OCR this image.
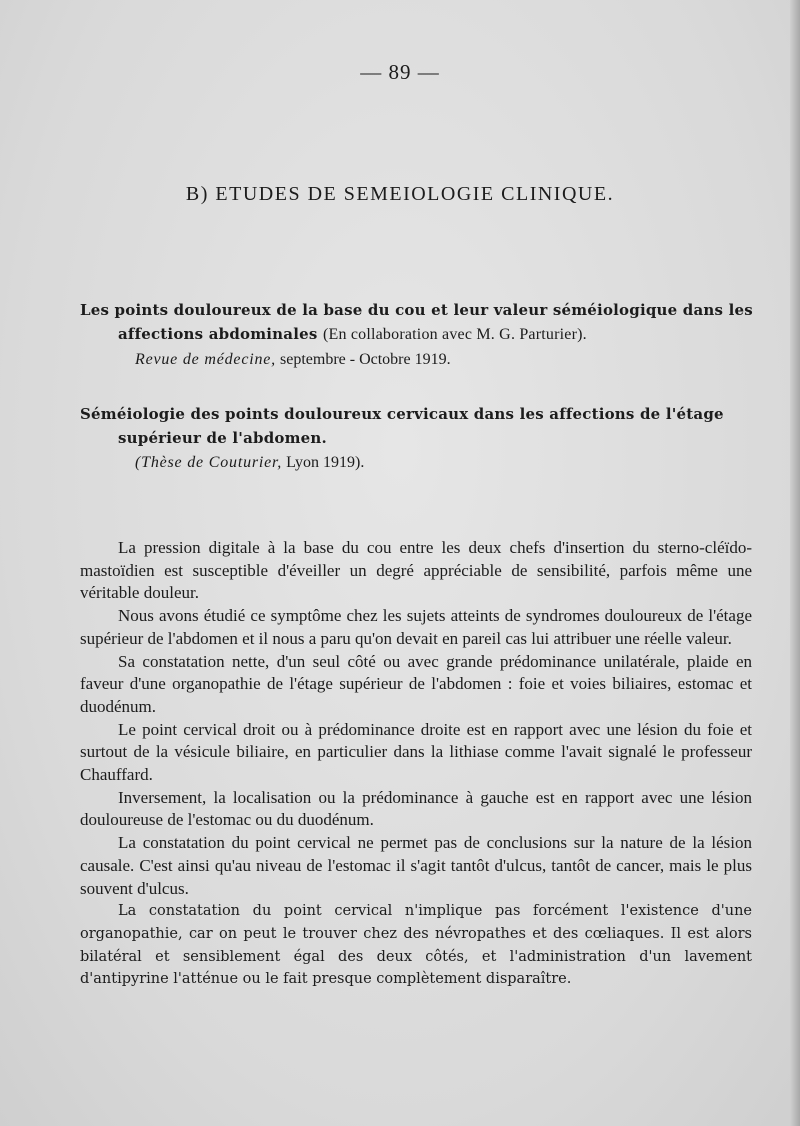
— 89 —
B) ETUDES DE SEMEIOLOGIE CLINIQUE.
Les points douloureux de la base du cou et leur valeur séméiologique dans les affections abdominales (En collaboration avec M. G. Parturier).
Revue de médecine, septembre - Octobre 1919.
Séméiologie des points douloureux cervicaux dans les affections de l'étage supérieur de l'abdomen.
(Thèse de Couturier, Lyon 1919).

La pression digitale à la base du cou entre les deux chefs d'insertion du sterno-cléïdo-mastoïdien est susceptible d'éveiller un degré appréciable de sensibilité, parfois même une véritable douleur.

Nous avons étudié ce symptôme chez les sujets atteints de syndromes douloureux de l'étage supérieur de l'abdomen et il nous a paru qu'on devait en pareil cas lui attribuer une réelle valeur.

Sa constatation nette, d'un seul côté ou avec grande prédominance unilatérale, plaide en faveur d'une organopathie de l'étage supérieur de l'abdomen : foie et voies biliaires, estomac et duodénum.

Le point cervical droit ou à prédominance droite est en rapport avec une lésion du foie et surtout de la vésicule biliaire, en particulier dans la lithiase comme l'avait signalé le professeur Chauffard.

Inversement, la localisation ou la prédominance à gauche est en rapport avec une lésion douloureuse de l'estomac ou du duodénum.

La constatation du point cervical ne permet pas de conclusions sur la nature de la lésion causale. C'est ainsi qu'au niveau de l'estomac il s'agit tantôt d'ulcus, tantôt de cancer, mais le plus souvent d'ulcus.

La constatation du point cervical n'implique pas forcément l'existence d'une organopathie, car on peut le trouver chez des névropathes et des cœliaques. Il est alors bilatéral et sensiblement égal des deux côtés, et l'administration d'un lavement d'antipyrine l'atténue ou le fait presque complètement disparaître.
